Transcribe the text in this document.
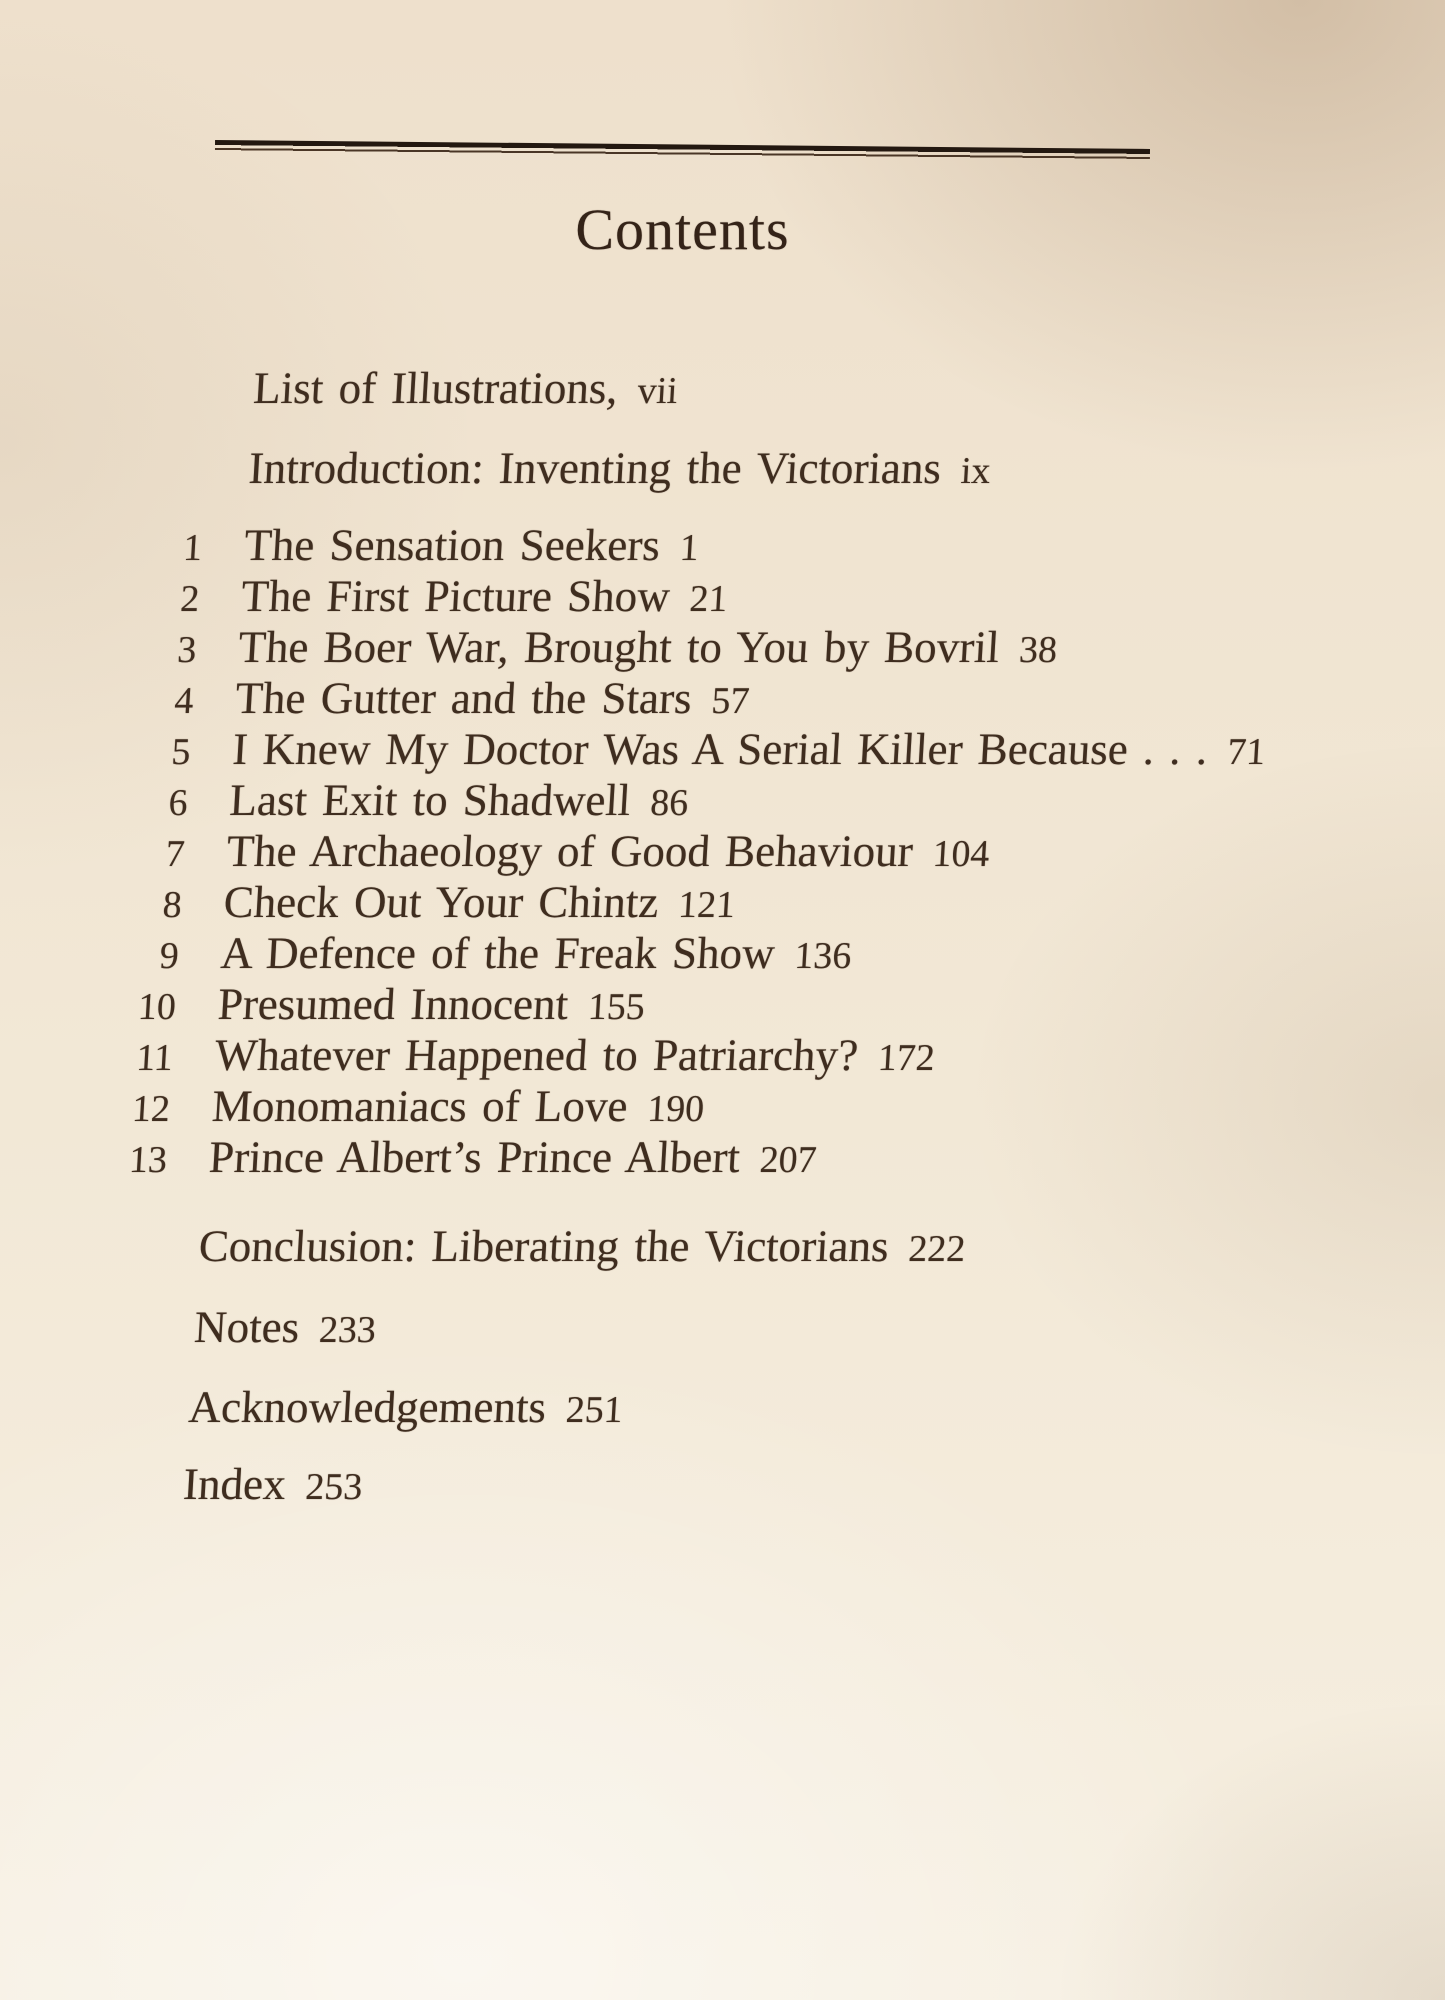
Contents
List of Illustrations, vii
Introduction: Inventing the Victorians ix
1 The Sensation Seekers 1
2 The First Picture Show 21
3 The Boer War, Brought to You by Bovril 38
4 The Gutter and the Stars 57
5 I Knew My Doctor Was A Serial Killer Because . . . 71
6 Last Exit to Shadwell 86
7 The Archaeology of Good Behaviour 104
8 Check Out Your Chintz 121
9 A Defence of the Freak Show 136
10 Presumed Innocent 155
11 Whatever Happened to Patriarchy? 172
12 Monomaniacs of Love 190
13 Prince Albert’s Prince Albert 207
Conclusion: Liberating the Victorians 222
Notes 233
Acknowledgements 251
Index 253
